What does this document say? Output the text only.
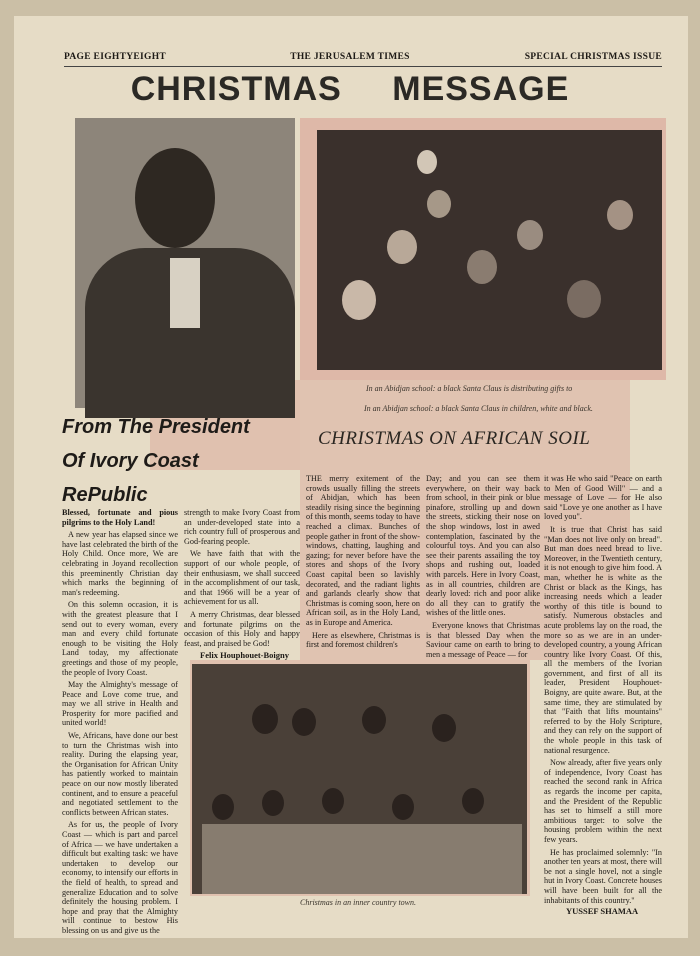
PAGE EIGHTYEIGHT	THE JERUSALEM TIMES	SPECIAL CHRISTMAS ISSUE
CHRISTMAS MESSAGE
In an Abidjan school: a black Santa Claus is distributing gifts to
In an Abidjan school: a black Santa Claus in children, white and black.
From The President
Of Ivory Coast
RePublic
CHRISTMAS ON AFRICAN SOIL

Blessed, fortunate and pious pilgrims to the Holy Land!

A new year has elapsed since we have last celebrated the birth of the Holy Child. Once more, We are celebrating in Joyand recollection this preeminently Christian day which marks the beginning of man's redeeming.

On this solemn occasion, it is with the greatest pleasure that I send out to every woman, every man and every child fortunate enough to be visiting the Holy Land today, my affectionate greetings and those of my people, the people of Ivory Coast.

May the Almighty's message of Peace and Love come true, and may we all strive in Health and Prosperity for more pacified and united world!

We, Africans, have done our best to turn the Christmas wish into reality. During the elapsing year, the Organisation for African Unity has patiently worked to maintain peace on our now mostly liberated continent, and to ensure a peaceful and negotiated settlement to the conflicts between African states.

As for us, the people of Ivory Coast — which is part and parcel of Africa — we have undertaken a difficult but exalting task: we have undertaken to develop our economy, to intensify our efforts in the field of health, to spread and generalize Education and to solve definitely the housing problem. I hope and pray that the Almighty will continue to bestow His blessing on us and give us the

strength to make Ivory Coast from an under-developed state into a rich country full of prosperous and God-fearing people.

We have faith that with the support of our whole people, of their enthusiasm, we shall succeed in the accomplishment of our task, and that 1966 will be a year of achievement for us all.

A merry Christmas, dear blessed and fortunate pilgrims on the occasion of this Holy and happy feast, and praised be God!

Felix Houphouet-Boigny

THE merry exitement of the crowds usually filling the streets of Abidjan, which has been steadily rising since the beginning of this month, seems today to have reached a climax. Bunches of people gather in front of the show-windows, chatting, laughing and gazing; for never before have the stores and shops of the Ivory Coast capital been so lavishly decorated, and the radiant lights and garlands clearly show that Christmas is coming soon, here on African soil, as in the Holy Land, as in Europe and America.

Here as elsewhere, Christmas is first and foremost children's

Day; and you can see them everywhere, on their way back from school, in their pink or blue pinafore, strolling up and down the streets, sticking their nose on the shop windows, lost in awed contemplation, fascinated by the colourful toys. And you can also see their parents assailing the toy shops and rushing out, loaded with parcels. Here in Ivory Coast, as in all countries, children are dearly loved: rich and poor alike do all they can to gratify the wishes of the little ones.

Everyone knows that Christmas is that blessed Day when the Saviour came on earth to bring to men a message of Peace — for

it was He who said "Peace on earth to Men of Good Will" — and a message of Love — for He also said "Love ye one another as I have loved you".

It is true that Christ has said "Man does not live only on bread". But man does need bread to live. Moreover, in the Twentieth century, it is not enough to give him food. A man, whether he is white as the Christ or black as the Kings, has increasing needs which a leader worthy of this title is bound to satisfy. Numerous obstacles and acute problems lay on the road, the more so as we are in an under-developed country, a young African country like Ivory Coast. Of this, all the members of the Ivorian government, and first of all its leader, President Houphouet-Boigny, are quite aware. But, at the same time, they are stimulated by that "Faith that lifts mountains" referred to by the Holy Scripture, and they can rely on the support of the whole people in this task of national resurgence.

Now already, after five years only of independence, Ivory Coast has reached the second rank in Africa as regards the income per capita, and the President of the Republic has set to himself a still more ambitious target: to solve the housing problem within the next few years.

He has proclaimed solemnly: "In another ten years at most, there will be not a single hovel, not a single hut in Ivory Coast. Concrete houses will have been built for all the inhabitants of this country."

YUSSEF SHAMAA
Christmas in an inner country town.
